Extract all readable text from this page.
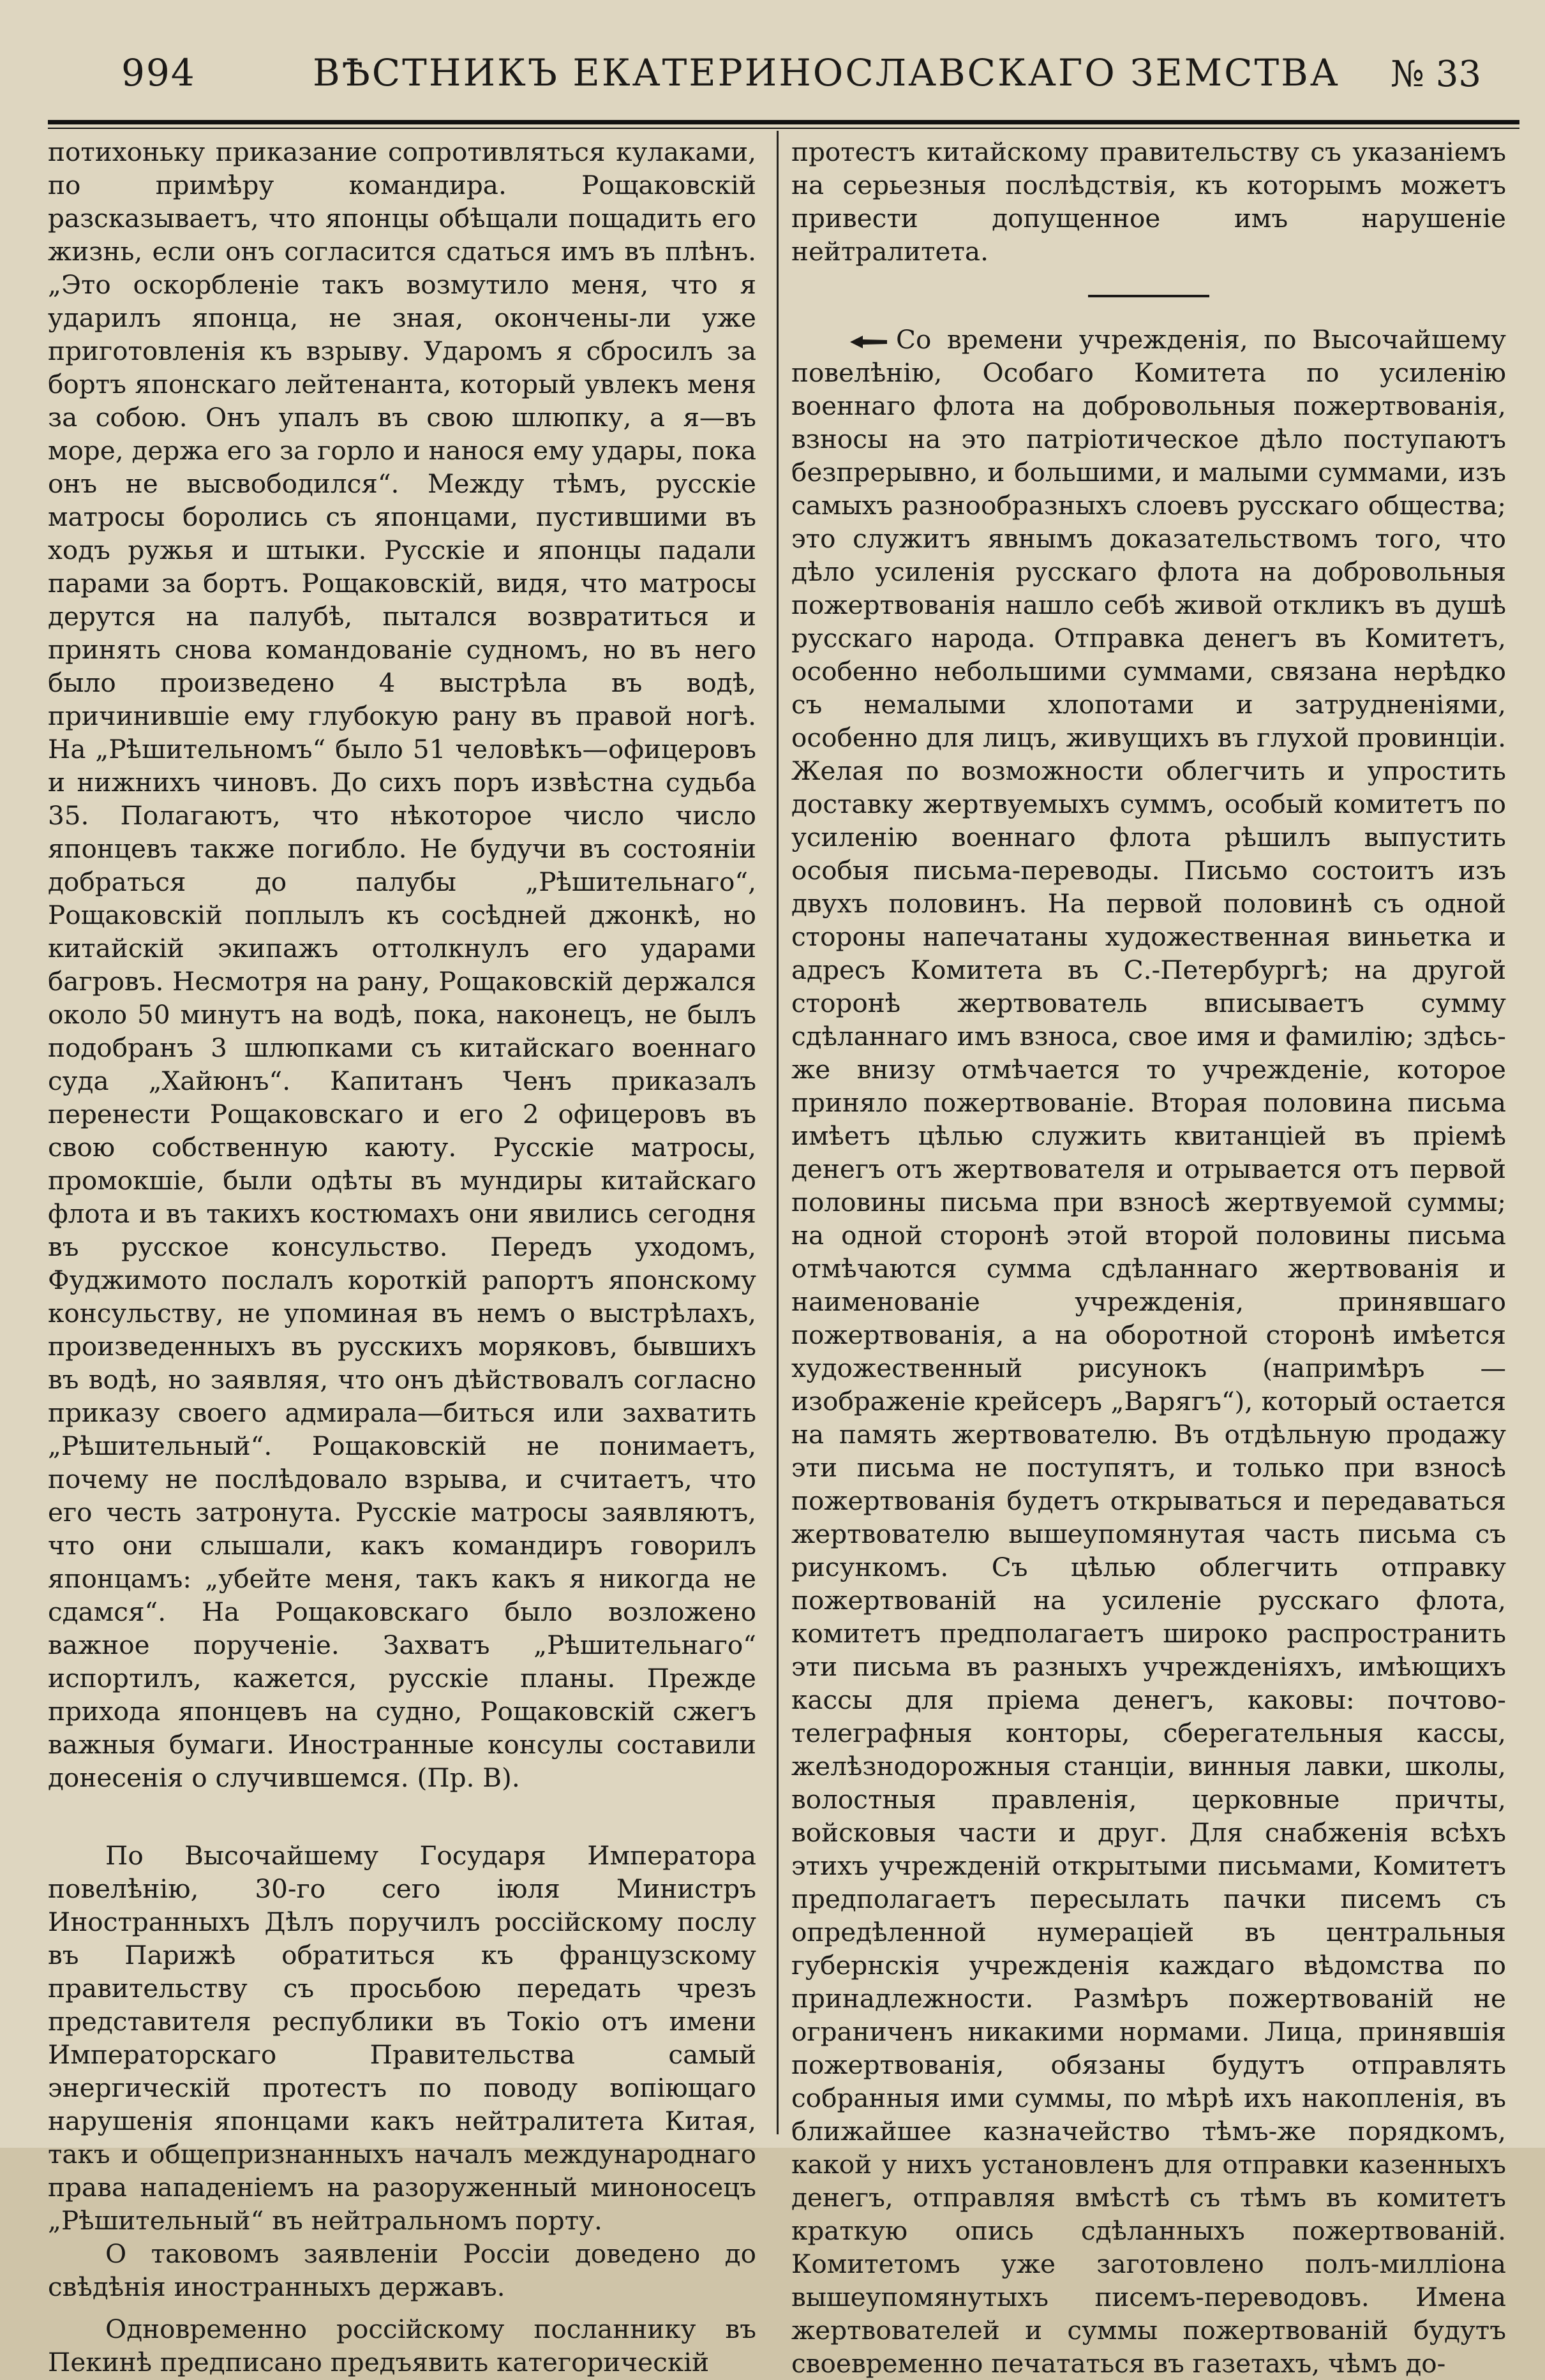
994	ВѢСТНИКЪ ЕКАТЕРИНОСЛАВСКАГО ЗЕМСТВА № 33

потихоньку приказание сопротивляться кулаками, по примѣру командира. Рощаковскій разсказываетъ, что японцы обѣщали пощадить его жизнь, если онъ согласится сдаться имъ въ плѣнъ. „Это оскорбленіе такъ возмутило меня, что я ударилъ японца, не зная, окончены-ли уже приготовленія къ взрыву. Ударомъ я сбросилъ за бортъ японскаго лейтенанта, который увлекъ меня за собою. Онъ упалъ въ свою шлюпку, а я—въ море, держа его за горло и нанося ему удары, пока онъ не высвободился“. Между тѣмъ, русскіе матросы боролись съ японцами, пустившими въ ходъ ружья и штыки. Русскіе и японцы падали парами за бортъ. Рощаковскій, видя, что матросы дерутся на палубѣ, пытался возвратиться и принять снова командованіе судномъ, но въ него было произведено 4 выстрѣла въ водѣ, причинившіе ему глубокую рану въ правой ногѣ. На „Рѣшительномъ“ было 51 человѣкъ—офицеровъ и нижнихъ чиновъ. До сихъ поръ извѣстна судьба 35. Полагаютъ, что нѣкоторое число число японцевъ также погибло. Не будучи въ состояніи добраться до палубы „Рѣшительнаго“, Рощаковскій поплылъ къ сосѣдней джонкѣ, но китайскій экипажъ оттолкнулъ его ударами багровъ. Несмотря на рану, Рощаковскій держался около 50 минутъ на водѣ, пока, наконецъ, не былъ подобранъ 3 шлюпками съ китайскаго военнаго суда „Хайюнъ“. Капитанъ Ченъ приказалъ перенести Рощаковскаго и его 2 офицеровъ въ свою собственную каюту. Русскіе матросы, промокшіе, были одѣты въ мундиры китайскаго флота и въ такихъ костюмахъ они явились сегодня въ русское консульство. Передъ уходомъ, Фуджимото послалъ короткій рапортъ японскому консульству, не упоминая въ немъ о выстрѣлахъ, произведенныхъ въ русскихъ моряковъ, бывшихъ въ водѣ, но заявляя, что онъ дѣйствовалъ согласно приказу своего адмирала—биться или захватить „Рѣшительный“. Рощаковскій не понимаетъ, почему не послѣдовало взрыва, и считаетъ, что его честь затронута. Русскіе матросы заявляютъ, что они слышали, какъ командиръ говорилъ японцамъ: „убейте меня, такъ какъ я никогда не сдамся“. На Рощаковскаго было возложено важное порученіе. Захватъ „Рѣшительнаго“ испортилъ, кажется, русскіе планы. Прежде прихода японцевъ на судно, Рощаковскій сжегъ важныя бумаги. Иностранные консулы составили донесенія о случившемся. (Пр. В).

По Высочайшему Государя Императора повелѣнію, 30-го сего іюля Министръ Иностранныхъ Дѣлъ поручилъ россійскому послу въ Парижѣ обратиться къ французскому правительству съ просьбою передать чрезъ представителя республики въ Токіо отъ имени Императорскаго Правительства самый энергическій протестъ по поводу вопіющаго нарушенія японцами какъ нейтралитета Китая, такъ и общепризнанныхъ началъ международнаго права нападеніемъ на разоруженный миноносецъ „Рѣшительный“ въ нейтральномъ порту.

О таковомъ заявленіи Россіи доведено до свѣдѣнія иностранныхъ державъ.

Одновременно россійскому посланнику въ Пекинѣ предписано предъявить категорическій

протестъ китайскому правительству съ указаніемъ на серьезныя послѣдствія, къ которымъ можетъ привести допущенное имъ нарушеніе нейтралитета.

Со времени учрежденія, по Высочайшему повелѣнію, Особаго Комитета по усиленію военнаго флота на добровольныя пожертвованія, взносы на это патріотическое дѣло поступаютъ безпрерывно, и большими, и малыми суммами, изъ самыхъ разнообразныхъ слоевъ русскаго общества; это служитъ явнымъ доказательствомъ того, что дѣло усиленія русскаго флота на добровольныя пожертвованія нашло себѣ живой откликъ въ душѣ русскаго народа. Отправка денегъ въ Комитетъ, особенно небольшими суммами, связана нерѣдко съ немалыми хлопотами и затрудненіями, особенно для лицъ, живущихъ въ глухой провинціи. Желая по возможности облегчить и упростить доставку жертвуемыхъ суммъ, особый комитетъ по усиленію военнаго флота рѣшилъ выпустить особыя письма-переводы. Письмо состоитъ изъ двухъ половинъ. На первой половинѣ съ одной стороны напечатаны художественная виньетка и адресъ Комитета въ С.-Петербургѣ; на другой сторонѣ жертвователь вписываетъ сумму сдѣланнаго имъ взноса, свое имя и фамилію; здѣсь-же внизу отмѣчается то учрежденіе, которое приняло пожертвованіе. Вторая половина письма имѣетъ цѣлью служить квитанціей въ пріемѣ денегъ отъ жертвователя и отрывается отъ первой половины письма при взносѣ жертвуемой суммы; на одной сторонѣ этой второй половины письма отмѣчаются сумма сдѣланнаго жертвованія и наименованіе учрежденія, принявшаго пожертвованія, а на оборотной сторонѣ имѣется художественный рисунокъ (напримѣръ — изображеніе крейсеръ „Варягъ“), который остается на память жертвователю. Въ отдѣльную продажу эти письма не поступятъ, и только при взносѣ пожертвованія будетъ открываться и передаваться жертвователю вышеупомянутая часть письма съ рисункомъ. Съ цѣлью облегчить отправку пожертвованій на усиленіе русскаго флота, комитетъ предполагаетъ широко распространить эти письма въ разныхъ учрежденіяхъ, имѣющихъ кассы для пріема денегъ, каковы: почтово-телеграфныя конторы, сберегательныя кассы, желѣзнодорожныя станціи, винныя лавки, школы, волостныя правленія, церковные причты, войсковыя части и друг. Для снабженія всѣхъ этихъ учрежденій открытыми письмами, Комитетъ предполагаетъ пересылать пачки писемъ съ опредѣленной нумераціей въ центральныя губернскія учрежденія каждаго вѣдомства по принадлежности. Размѣръ пожертвованій не ограниченъ никакими нормами. Лица, принявшія пожертвованія, обязаны будутъ отправлять собранныя ими суммы, по мѣрѣ ихъ накопленія, въ ближайшее казначейство тѣмъ-же порядкомъ, какой у нихъ установленъ для отправки казенныхъ денегъ, отправляя вмѣстѣ съ тѣмъ въ комитетъ краткую опись сдѣланныхъ пожертвованій. Комитетомъ уже заготовлено полъ-милліона вышеупомянутыхъ писемъ-переводовъ. Имена жертвователей и суммы пожертвованій будутъ своевременно печататься въ газетахъ, чѣмъ до-
